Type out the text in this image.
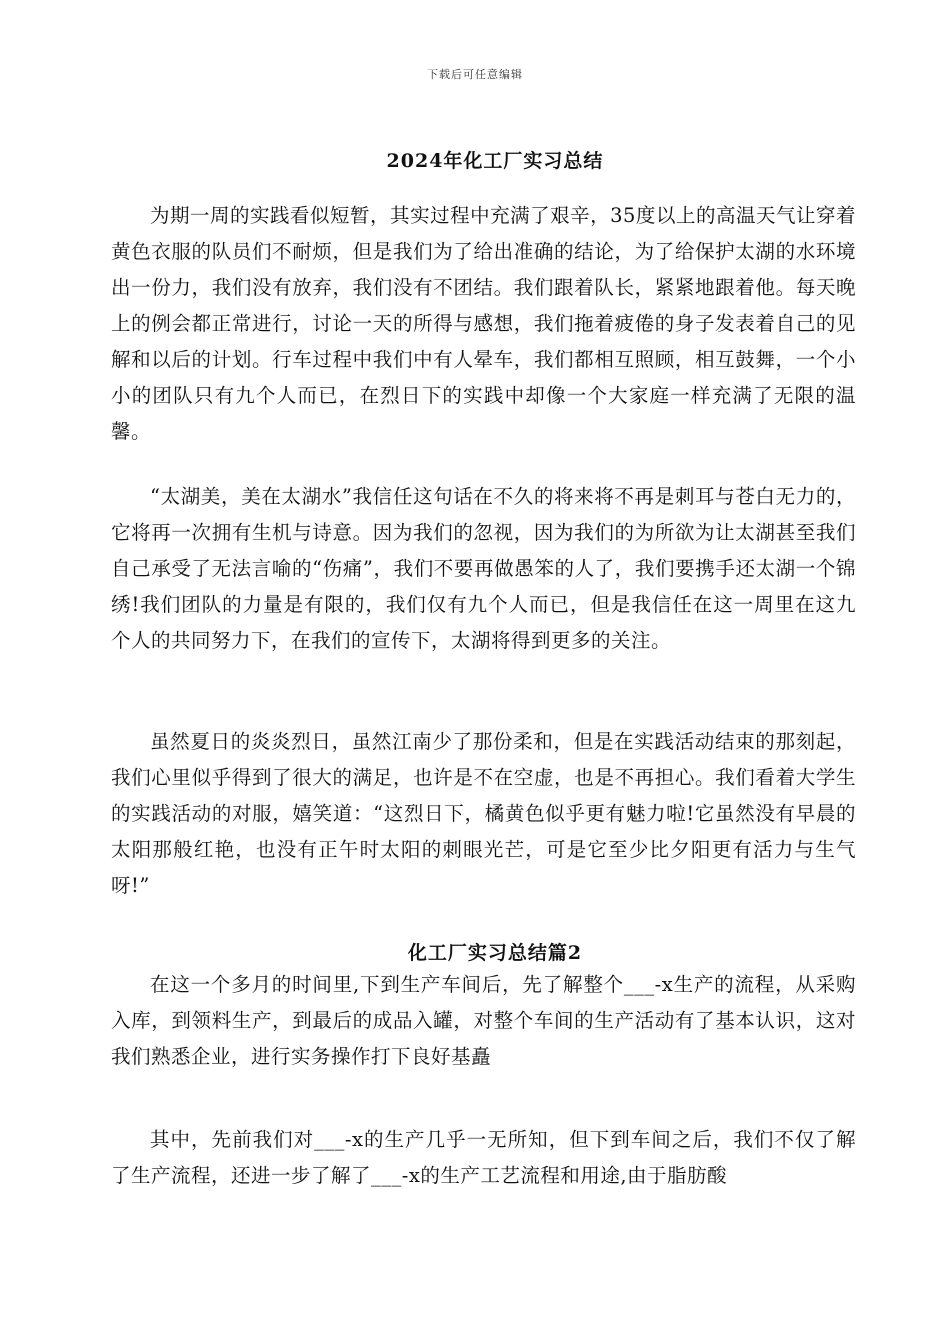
下载后可任意编辑
2024年化工厂实习总结

为期一周的实践看似短暂，其实过程中充满了艰辛，35度以上的高温天气让穿着黄色衣服的队员们不耐烦，但是我们为了给出准确的结论，为了给保护太湖的水环境出一份力，我们没有放弃，我们没有不团结。我们跟着队长，紧紧地跟着他。每天晚上的例会都正常进行，讨论一天的所得与感想，我们拖着疲倦的身子发表着自己的见解和以后的计划。行车过程中我们中有人晕车，我们都相互照顾，相互鼓舞，一个小小的团队只有九个人而已，在烈日下的实践中却像一个大家庭一样充满了无限的温馨。

“太湖美，美在太湖水”我信任这句话在不久的将来将不再是刺耳与苍白无力的，它将再一次拥有生机与诗意。因为我们的忽视，因为我们的为所欲为让太湖甚至我们自己承受了无法言喻的“伤痛”，我们不要再做愚笨的人了，我们要携手还太湖一个锦绣!我们团队的力量是有限的，我们仅有九个人而已，但是我信任在这一周里在这九个人的共同努力下，在我们的宣传下，太湖将得到更多的关注。

虽然夏日的炎炎烈日，虽然江南少了那份柔和，但是在实践活动结束的那刻起，我们心里似乎得到了很大的满足，也许是不在空虚，也是不再担心。我们看着大学生的实践活动的对服，嬉笑道：“这烈日下，橘黄色似乎更有魅力啦!它虽然没有早晨的太阳那般红艳，也没有正午时太阳的刺眼光芒，可是它至少比夕阳更有活力与生气呀!”

化工厂实习总结篇2

在这一个多月的时间里,下到生产车间后，先了解整个___-x生产的流程，从采购入库，到领料生产，到最后的成品入罐，对整个车间的生产活动有了基本认识，这对我们熟悉企业，进行实务操作打下良好基矗

其中，先前我们对___-x的生产几乎一无所知，但下到车间之后，我们不仅了解了生产流程，还进一步了解了___-x的生产工艺流程和用途,由于脂肪酸
